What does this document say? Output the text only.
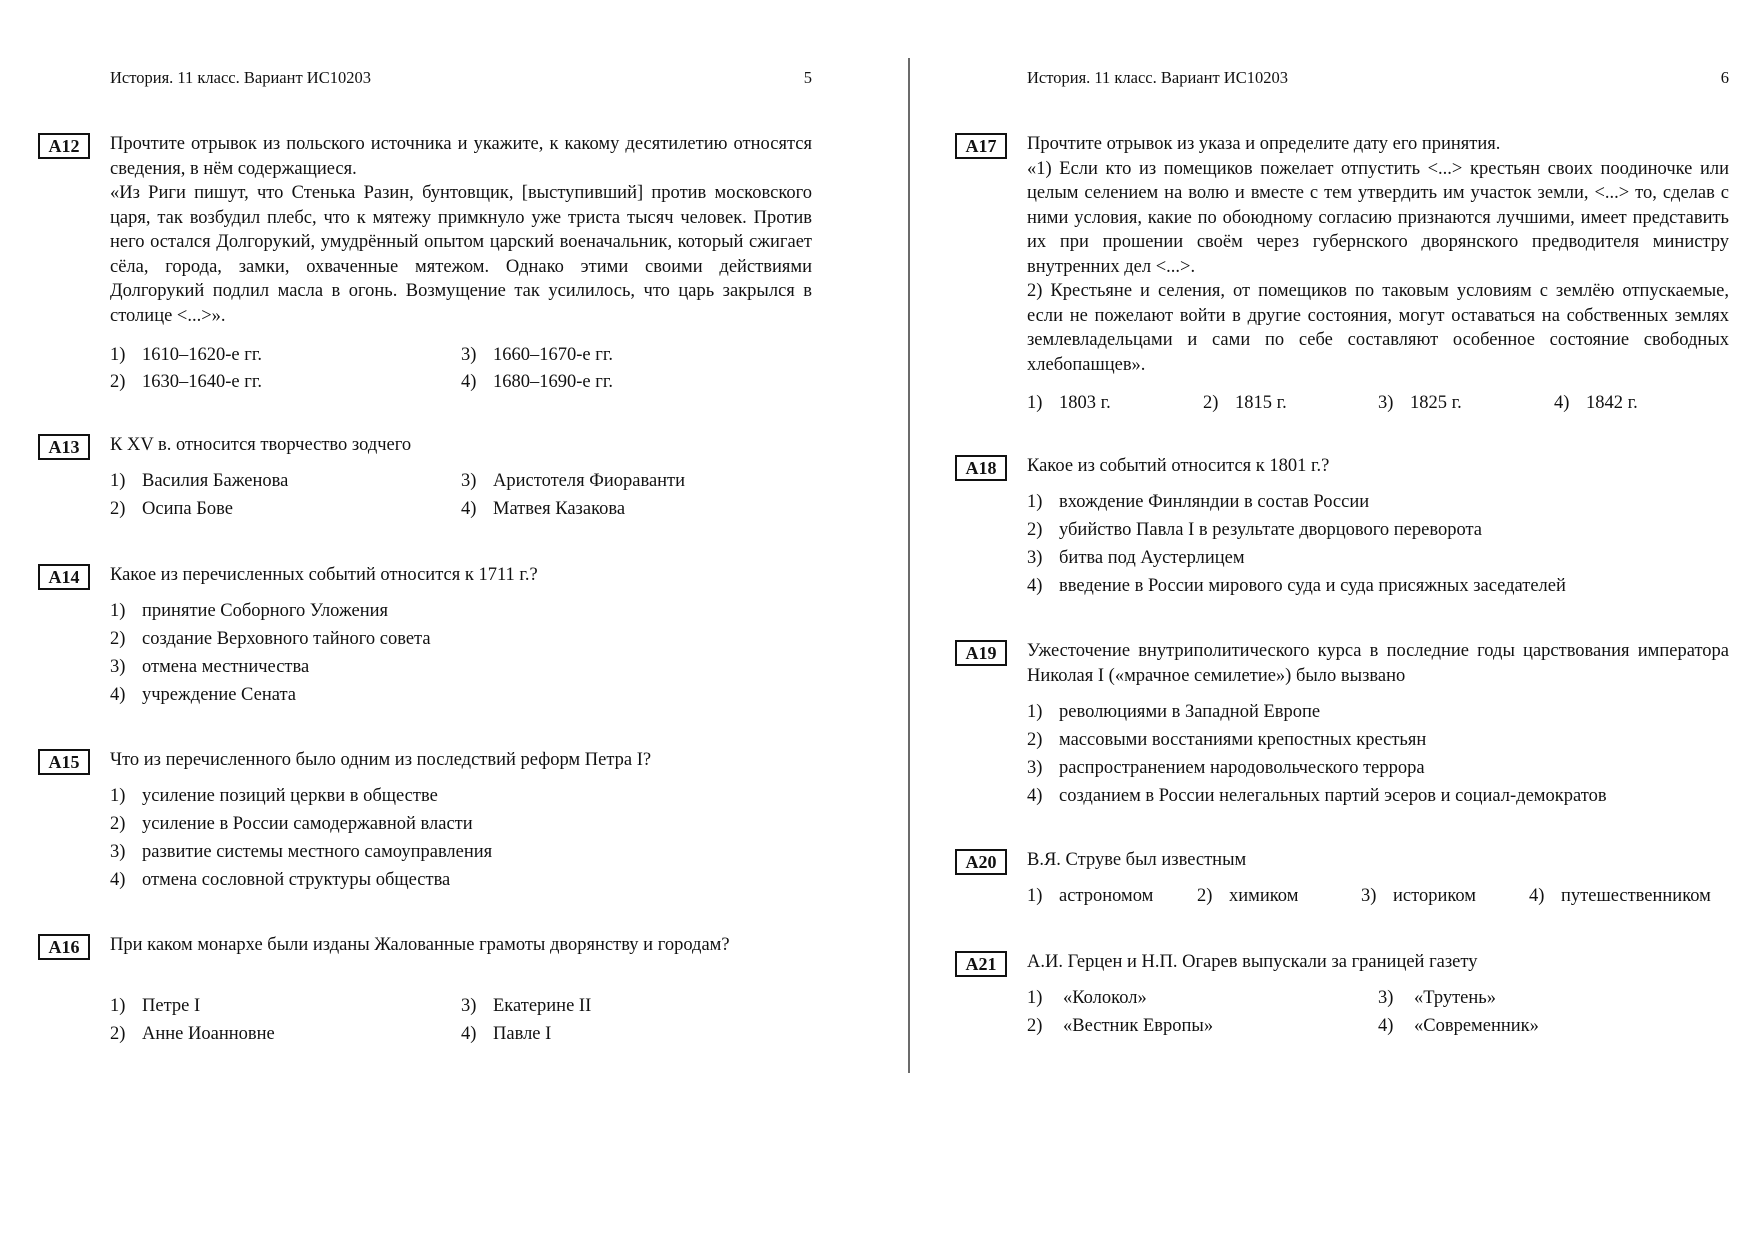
История. 11 класс. Вариант ИС10203	5
А12	Прочтите отрывок из польского источника и укажите, к какому десятилетию относятся сведения, в нём содержащиеся.

«Из Риги пишут, что Стенька Разин, бунтовщик, [выступивший] против московского царя, так возбудил плебс, что к мятежу примкнуло уже триста тысяч человек. Против него остался Долгорукий, умудрённый опытом царский военачальник, который сжигает сёла, города, замки, охваченные мятежом. Однако этими своими действиями Долгорукий подлил масла в огонь. Возмущение так усилилось, что царь закрылся в столице <...>».

1) 1610–1620-е гг.	3) 1660–1670-е гг.
2) 1630–1640-е гг.	4) 1680–1690-е гг.
А13	К XV в. относится творчество зодчего
1) Василия Баженова	3) Аристотеля Фиораванти
2) Осипа Бове	4) Матвея Казакова
А14	Какое из перечисленных событий относится к 1711 г.?
1) принятие Соборного Уложения
2) создание Верховного тайного совета
3) отмена местничества
4) учреждение Сената
А15	Что из перечисленного было одним из последствий реформ Петра I?
1) усиление позиций церкви в обществе
2) усиление в России самодержавной власти
3) развитие системы местного самоуправления
4) отмена сословной структуры общества
А16	При каком монархе были изданы Жалованные грамоты дворянству и городам?
1) Петре I	3) Екатерине II
2) Анне Иоанновне	4) Павле I
История. 11 класс. Вариант ИС10203	6
А17	Прочтите отрывок из указа и определите дату его принятия.

«1) Если кто из помещиков пожелает отпустить <...> крестьян своих поодиночке или целым селением на волю и вместе с тем утвердить им участок земли, <...> то, сделав с ними условия, какие по обоюдному согласию признаются лучшими, имеет представить их при прошении своём через губернского дворянского предводителя министру внутренних дел <...>.

2) Крестьяне и селения, от помещиков по таковым условиям с землёю отпускаемые, если не пожелают войти в другие состояния, могут оставаться на собственных землях землевладельцами и сами по себе составляют особенное состояние свободных хлебопашцев».

1) 1803 г.	2) 1815 г.	3) 1825 г.	4) 1842 г.
А18	Какое из событий относится к 1801 г.?
1) вхождение Финляндии в состав России
2) убийство Павла I в результате дворцового переворота
3) битва под Аустерлицем
4) введение в России мирового суда и суда присяжных заседателей
А19	Ужесточение внутриполитического курса в последние годы царствования императора Николая I («мрачное семилетие») было вызвано
1) революциями в Западной Европе
2) массовыми восстаниями крепостных крестьян
3) распространением народовольческого террора
4) созданием в России нелегальных партий эсеров и социал-демократов
А20	В.Я. Струве был известным
1) астрономом 2) химиком	3) историком	4) путешественником
А21	А.И. Герцен и Н.П. Огарев выпускали за границей газету
1) «Колокол»	3) «Трутень»
2) «Вестник Европы»	4) «Современник»
